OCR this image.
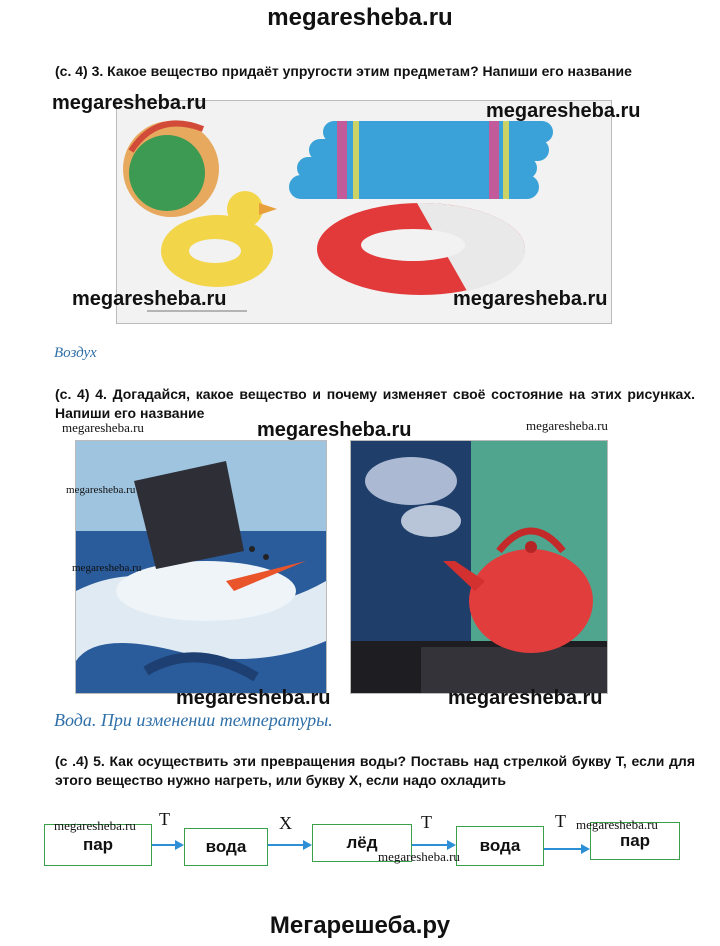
megaresheba.ru
(с. 4) 3. Какое вещество придаёт упругости этим предметам? Напиши его название
megaresheba.ru	megaresheba.ru
megaresheba.ru	megaresheba.ru
Воздух
(с. 4) 4. Догадайся, какое вещество и почему изменяет своё состояние на этих рисунках. Напиши его название
megaresheba.ru	megaresheba.ru	megaresheba.ru
megaresheba.ru
megaresheba.ru
megaresheba.ru	megaresheba.ru
Вода. При изменении температуры.
(с .4) 5. Как осуществить эти превращения воды? Поставь над стрелкой букву Т, если для этого вещество нужно нагреть, или букву Х, если надо охладить
пар	вода	лёд	вода	пар
Т	Х	Т	Т
megaresheba.ru
megaresheba.ru
megaresheba.ru
Мегарешеба.ру
